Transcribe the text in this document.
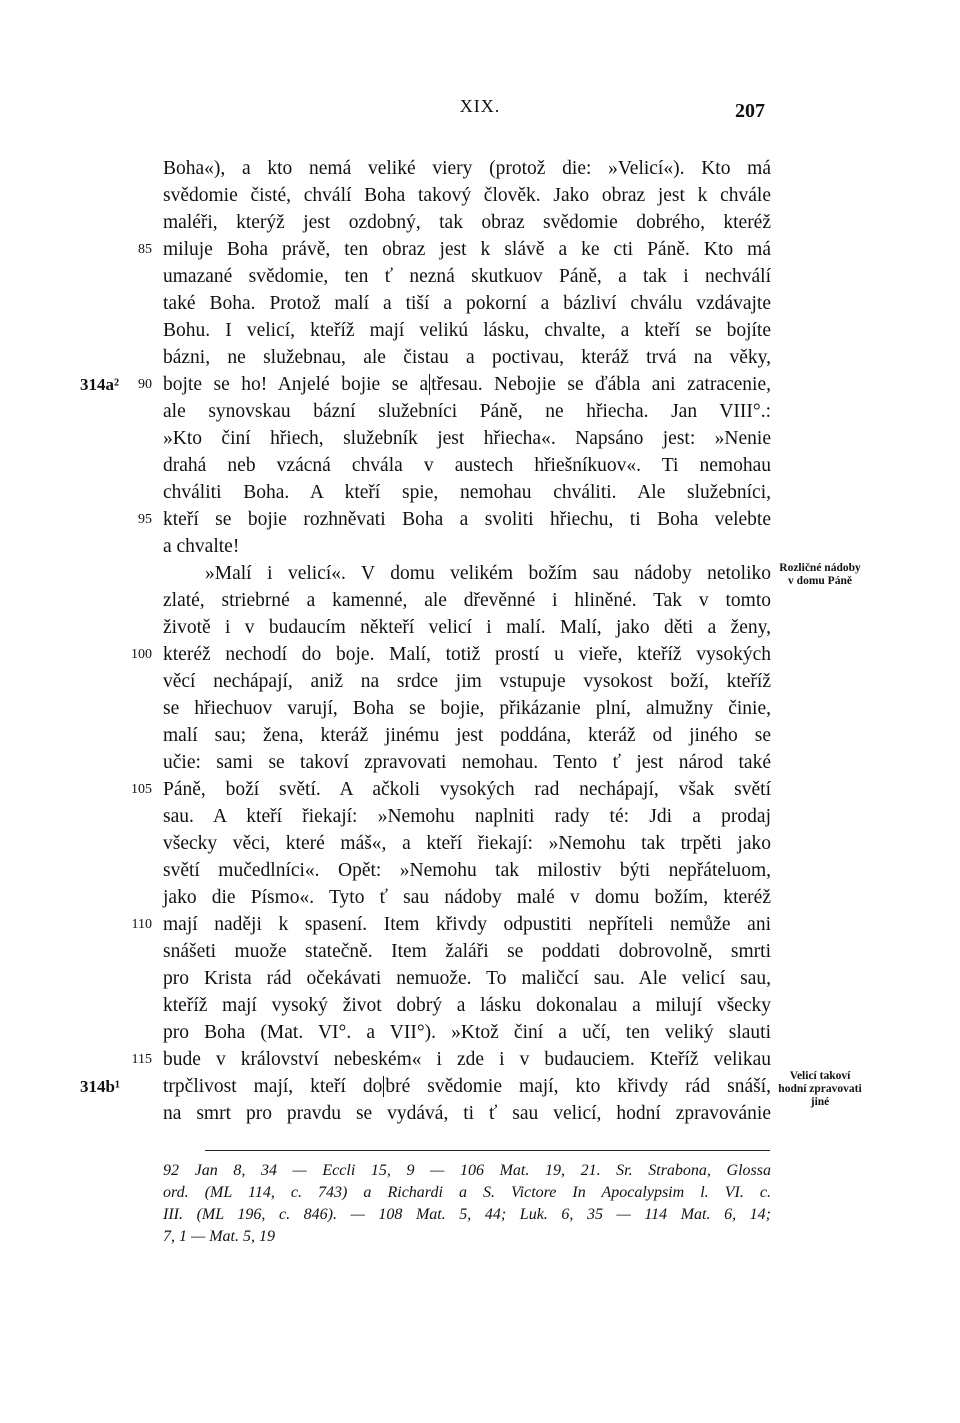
XIX.	207
Boha«), a kto nemá veliké viery (protož die: »Velicí«). Kto má
svědomie čisté, chválí Boha takový člověk. Jako obraz jest k chvále
maléři, kterýž jest ozdobný, tak obraz svědomie dobrého, kteréž
85 miluje Boha právě, ten obraz jest k slávě a ke cti Páně. Kto má
umazané svědomie, ten ť nezná skutkuov Páně, a tak i nechválí
také Boha. Protož malí a tiší a pokorní a bázliví chválu vzdávajte
Bohu. I velicí, kteříž mají velikú lásku, chvalte, a kteří se bojíte
bázni, ne služebnau, ale čistau a poctivau, kteráž trvá na věky,
314a²	90 bojte se ho! Anjelé bojie se a třesau. Nebojie se ďábla ani zatracenie,
ale synovskau bázní služebníci Páně, ne hřiecha. Jan VIII°.:
»Kto činí hřiech, služebník jest hřiecha«. Napsáno jest: »Nenie
drahá neb vzácná chvála v austech hřiešníkuov«. Ti nemohau
chváliti Boha. A kteří spie, nemohau chváliti. Ale služebníci,
95 kteří se bojie rozhněvati Boha a svoliti hřiechu, ti Boha velebte
a chvalte!
»Malí i velicí«. V domu velikém božím sau nádoby netoliko Rozličné nádoby
v domu Páně
zlaté, striebrné a kamenné, ale dřevěnné i hliněné. Tak v tomto
životě i v budaucím někteří velicí i malí. Malí, jako děti a ženy,
100 kteréž nechodí do boje. Malí, totiž prostí u vieře, kteříž vysokých
věcí nechápají, aniž na srdce jim vstupuje vysokost boží, kteříž
se hřiechuov varují, Boha se bojie, přikázanie plní, almužny činie,
malí sau; žena, kteráž jinému jest poddána, kteráž od jiného se
učie: sami se takoví zpravovati nemohau. Tento ť jest národ také
105 Páně, boží světí. A ačkoli vysokých rad nechápají, však světí
sau. A kteří řiekají: »Nemohu naplniti rady té: Jdi a prodaj
všecky věci, které máš«, a kteří řiekají: »Nemohu tak trpěti jako
světí mučedlníci«. Opět: »Nemohu tak milostiv býti nepřáteluom,
jako die Písmo«. Tyto ť sau nádoby malé v domu božím, kteréž
110 mají naději k spasení. Item křivdy odpustiti nepříteli nemůže ani
snášeti muože statečně. Item žaláři se poddati dobrovolně, smrti
pro Krista rád očekávati nemuože. To maličcí sau. Ale velicí sau,
kteříž mají vysoký život dobrý a lásku dokonalau a milují všecky
pro Boha (Mat. VI°. a VII°). »Ktož činí a učí, ten veliký slauti
115 bude v království nebeském« i zde i v budauciem. Kteříž velikau
314b¹ trpčlivost mají, kteří do bré svědomie mají, kto křivdy rád snáší,	Velicí takoví
hodní zpravovati
jiné
na smrt pro pravdu se vydává, ti ť sau velicí, hodní zpravovánie
92 Jan 8, 34 — Eccli 15, 9 — 106 Mat. 19, 21. Sr. Strabona, Glossa
ord. (ML 114, c. 743) a Richardi a S. Victore In Apocalypsim l. VI. c.
III. (ML 196, c. 846). — 108 Mat. 5, 44; Luk. 6, 35 — 114 Mat. 6, 14;
7, 1 — Mat. 5, 19
